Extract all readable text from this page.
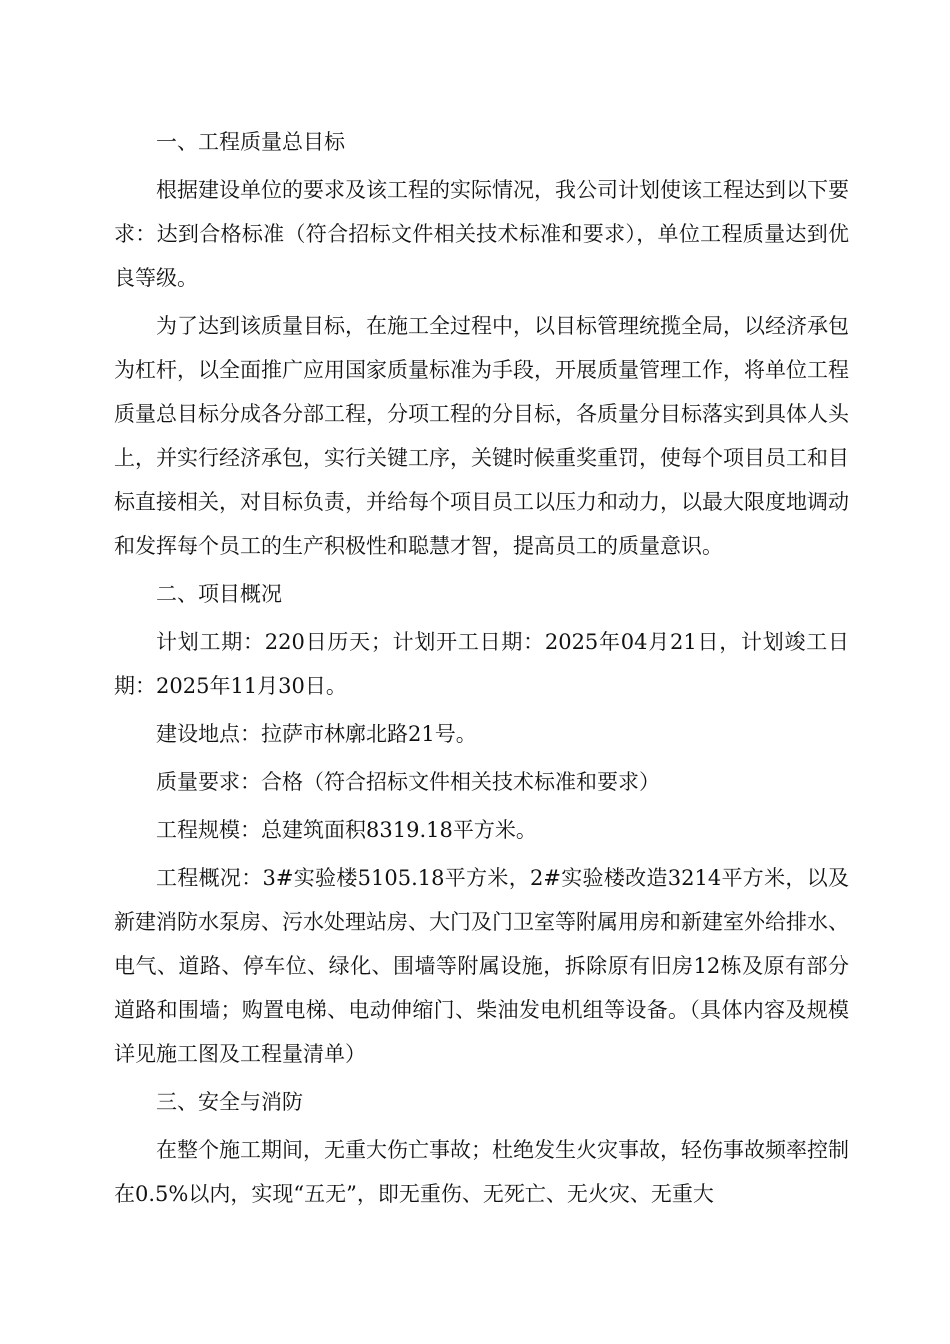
一、工程质量总目标

根据建设单位的要求及该工程的实际情况，我公司计划使该工程达到以下要求：达到合格标准（符合招标文件相关技术标准和要求），单位工程质量达到优良等级。

为了达到该质量目标，在施工全过程中，以目标管理统揽全局，以经济承包为杠杆，以全面推广应用国家质量标准为手段，开展质量管理工作，将单位工程质量总目标分成各分部工程，分项工程的分目标，各质量分目标落实到具体人头上，并实行经济承包，实行关键工序，关键时候重奖重罚，使每个项目员工和目标直接相关，对目标负责，并给每个项目员工以压力和动力，以最大限度地调动和发挥每个员工的生产积极性和聪慧才智，提高员工的质量意识。

二、项目概况

计划工期：220日历天；计划开工日期：2025年04月21日，计划竣工日期：2025年11月30日。

建设地点：拉萨市林廓北路21号。

质量要求：合格（符合招标文件相关技术标准和要求）

工程规模：总建筑面积8319.18平方米。

工程概况：3#实验楼5105.18平方米，2#实验楼改造3214平方米，以及新建消防水泵房、污水处理站房、大门及门卫室等附属用房和新建室外给排水、电气、道路、停车位、绿化、围墙等附属设施，拆除原有旧房12栋及原有部分道路和围墙；购置电梯、电动伸缩门、柴油发电机组等设备。（具体内容及规模详见施工图及工程量清单）

三、安全与消防

在整个施工期间，无重大伤亡事故；杜绝发生火灾事故，轻伤事故频率控制在0.5%以内，实现“五无”，即无重伤、无死亡、无火灾、无重大
